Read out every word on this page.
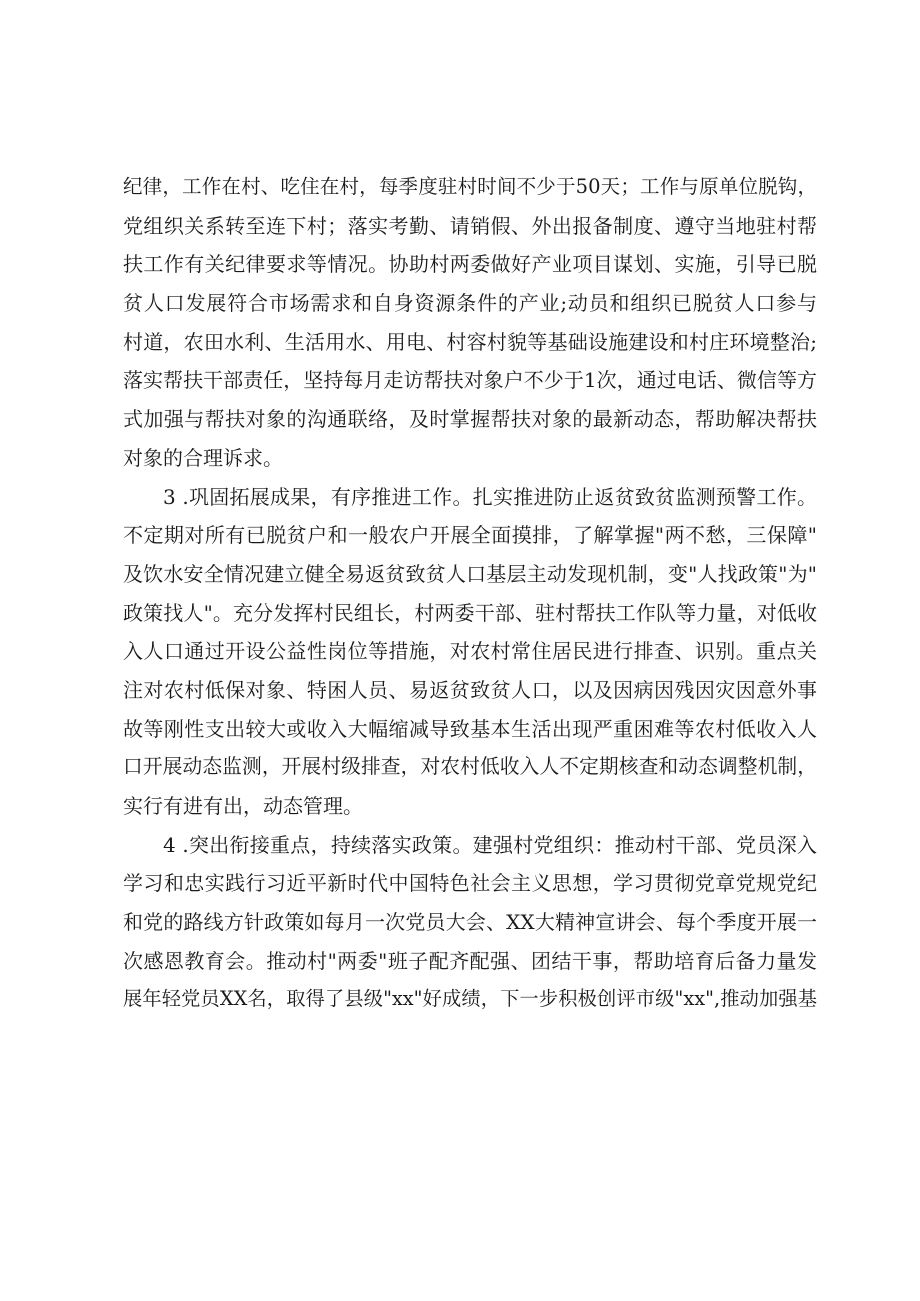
纪律，工作在村、吃住在村，每季度驻村时间不少于50天；工作与原单位脱钩，
党组织关系转至连下村；落实考勤、请销假、外出报备制度、遵守当地驻村帮
扶工作有关纪律要求等情况。协助村两委做好产业项目谋划、实施，引导已脱
贫人口发展符合市场需求和自身资源条件的产业;动员和组织已脱贫人口参与
村道，农田水利、生活用水、用电、村容村貌等基础设施建设和村庄环境整治;
落实帮扶干部责任，坚持每月走访帮扶对象户不少于1次，通过电话、微信等方
式加强与帮扶对象的沟通联络，及时掌握帮扶对象的最新动态，帮助解决帮扶
对象的合理诉求。
3 .巩固拓展成果，有序推进工作。扎实推进防止返贫致贫监测预警工作。
不定期对所有已脱贫户和一般农户开展全面摸排，了解掌握"两不愁，三保障"
及饮水安全情况建立健全易返贫致贫人口基层主动发现机制，变"人找政策"为"
政策找人"。充分发挥村民组长，村两委干部、驻村帮扶工作队等力量，对低收
入人口通过开设公益性岗位等措施，对农村常住居民进行排查、识别。重点关
注对农村低保对象、特困人员、易返贫致贫人口，以及因病因残因灾因意外事
故等刚性支出较大或收入大幅缩减导致基本生活出现严重困难等农村低收入人
口开展动态监测，开展村级排查，对农村低收入人不定期核查和动态调整机制，
实行有进有出，动态管理。
4 .突出衔接重点，持续落实政策。建强村党组织：推动村干部、党员深入
学习和忠实践行习近平新时代中国特色社会主义思想，学习贯彻党章党规党纪
和党的路线方针政策如每月一次党员大会、XX大精神宣讲会、每个季度开展一
次感恩教育会。推动村"两委"班子配齐配强、团结干事，帮助培育后备力量发
展年轻党员XX名，取得了县级"xx"好成绩，下一步积极创评市级"xx",推动加强基
